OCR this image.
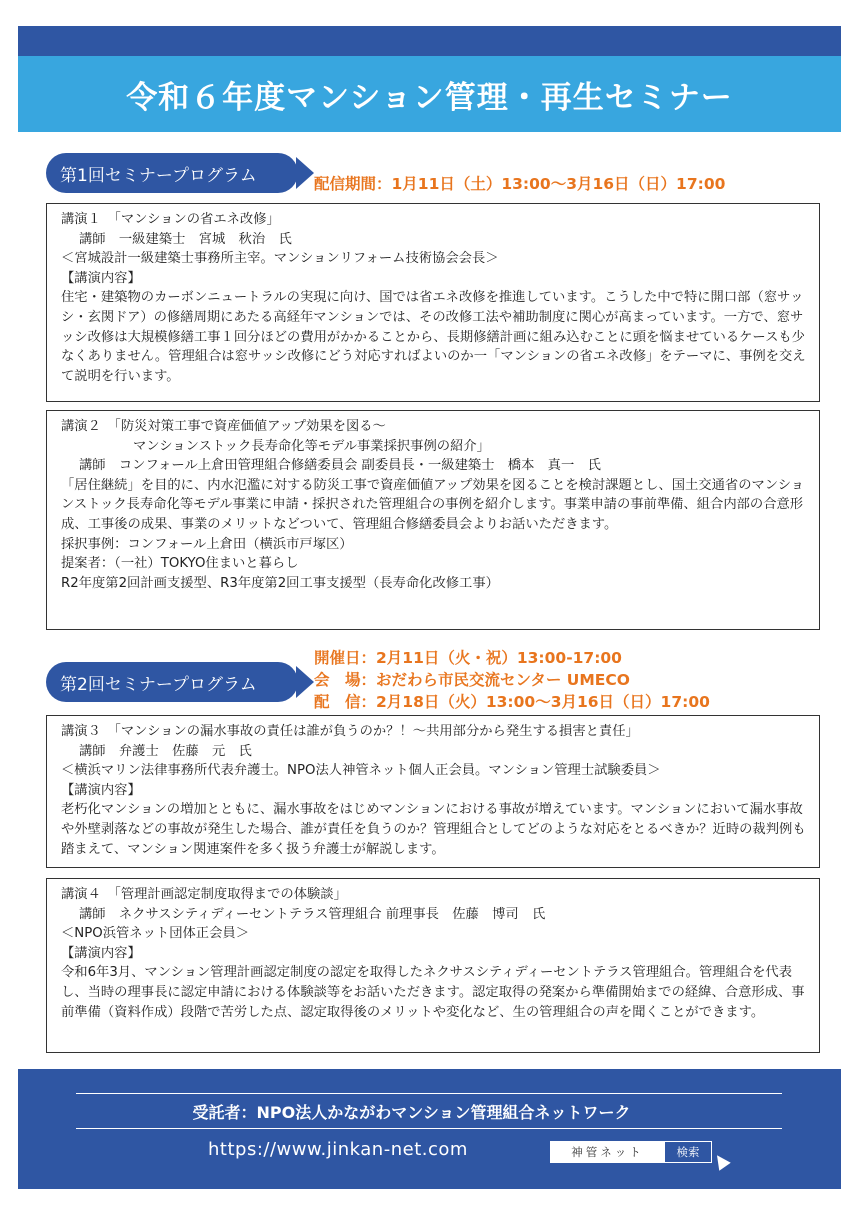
令和６年度マンション管理・再生セミナー
第1回セミナープログラム	配信期間：1月11日（土）13:00〜3月16日（日）17:00
講演１　「マンションの省エネ改修」
講師　一級建築士　宮城　秋治　氏
＜宮城設計一級建築士事務所主宰。マンションリフォーム技術協会会長＞
【講演内容】
住宅・建築物のカーボンニュートラルの実現に向け、国では省エネ改修を推進しています。こうした中で特に開口部（窓サッシ・玄関ドア）の修繕周期にあたる高経年マンションでは、その改修工法や補助制度に関心が高まっています。一方で、窓サッシ改修は大規模修繕工事１回分ほどの費用がかかることから、長期修繕計画に組み込むことに頭を悩ませているケースも少なくありません。管理組合は窓サッシ改修にどう対応すればよいのか一「マンションの省エネ改修」をテーマに、事例を交えて説明を行います。
講演２　「防災対策工事で資産価値アップ効果を図る〜
マンションストック長寿命化等モデル事業採択事例の紹介」
講師　コンフォール上倉田管理組合修繕委員会 副委員長・一級建築士　橋本　真一　氏
「居住継続」を目的に、内水氾濫に対する防災工事で資産価値アップ効果を図ることを検討課題とし、国土交通省のマンションストック長寿命化等モデル事業に申請・採択された管理組合の事例を紹介します。事業申請の事前準備、組合内部の合意形成、工事後の成果、事業のメリットなどついて、管理組合修繕委員会よりお話いただきます。
採択事例：コンフォール上倉田（横浜市戸塚区）
提案者：（一社）TOKYO住まいと暮らし
R2年度第2回計画支援型、R3年度第2回工事支援型（長寿命化改修工事）
第2回セミナープログラム
開催日：2月11日（火・祝）13:00-17:00
会　場：おだわら市民交流センター UMECO
配　信：2月18日（火）13:00〜3月16日（日）17:00
講演３　「マンションの漏水事故の責任は誰が負うのか？！〜共用部分から発生する損害と責任」
講師　弁護士　佐藤　元　氏
＜横浜マリン法律事務所代表弁護士。NPO法人神管ネット個人正会員。マンション管理士試験委員＞
【講演内容】
老朽化マンションの増加とともに、漏水事故をはじめマンションにおける事故が増えています。マンションにおいて漏水事故や外壁剥落などの事故が発生した場合、誰が責任を負うのか？管理組合としてどのような対応をとるべきか？近時の裁判例も踏まえて、マンション関連案件を多く扱う弁護士が解説します。
講演４　「管理計画認定制度取得までの体験談」
講師　ネクサスシティディーセントテラス管理組合 前理事長　佐藤　博司　氏
＜NPO浜管ネット団体正会員＞
【講演内容】
令和6年3月、マンション管理計画認定制度の認定を取得したネクサスシティディーセントテラス管理組合。管理組合を代表し、当時の理事長に認定申請における体験談等をお話いただきます。認定取得の発案から準備開始までの経緯、合意形成、事前準備（資料作成）段階で苦労した点、認定取得後のメリットや変化など、生の管理組合の声を聞くことができます。
受託者：NPO法人かながわマンション管理組合ネットワーク
https://www.jinkan-net.com	神管ネット	検索
